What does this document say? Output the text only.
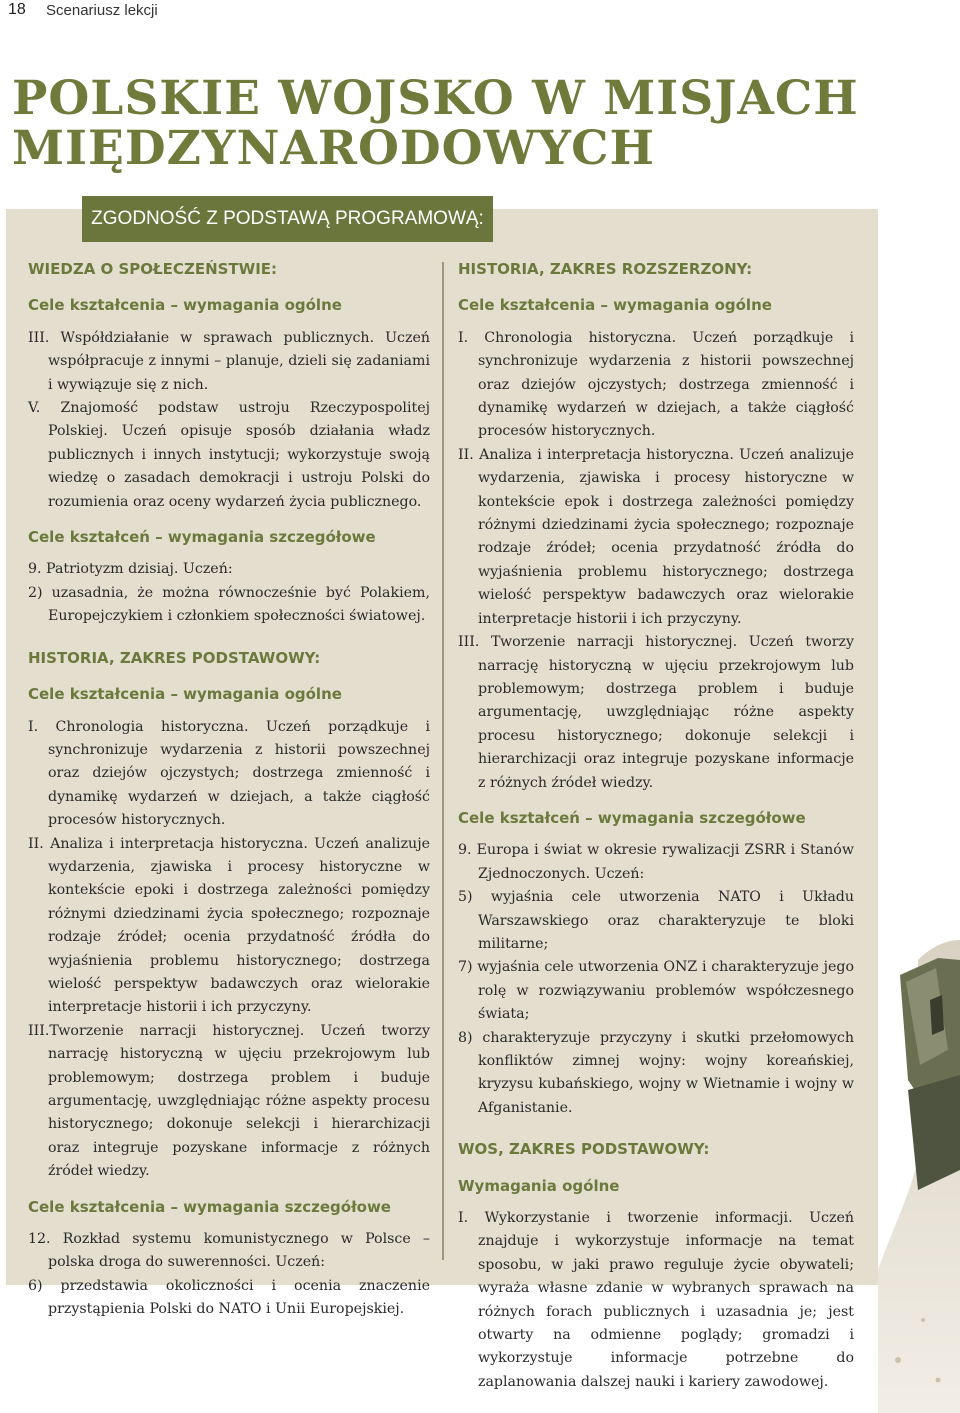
18 Scenariusz lekcji
POLSKIE WOJSKO W MISJACH
MIĘDZYNARODOWYCH
ZGODNOŚĆ Z PODSTAWĄ PROGRAMOWĄ:

WIEDZA O SPOŁECZEŃSTWIE:

Cele kształcenia – wymagania ogólne

III. Współdziałanie w sprawach publicznych. Uczeń współpracuje z innymi – planuje, dzieli się zadaniami i wywiązuje się z nich.

V. Znajomość podstaw ustroju Rzeczypospolitej Polskiej. Uczeń opisuje sposób działania władz publicznych i innych instytucji; wykorzystuje swoją wiedzę o zasadach demokracji i ustroju Polski do rozumienia oraz oceny wydarzeń życia publicznego.

Cele kształceń – wymagania szczegółowe

9. Patriotyzm dzisiaj. Uczeń:

2) uzasadnia, że można równocześnie być Polakiem, Europejczykiem i członkiem społeczności światowej.

HISTORIA, ZAKRES PODSTAWOWY:

Cele kształcenia – wymagania ogólne

I. Chronologia historyczna. Uczeń porządkuje i synchronizuje wydarzenia z historii powszechnej oraz dziejów ojczystych; dostrzega zmienność i dynamikę wydarzeń w dziejach, a także ciągłość procesów historycznych.

II. Analiza i interpretacja historyczna. Uczeń analizuje wydarzenia, zjawiska i procesy historyczne w kontekście epoki i dostrzega zależności pomiędzy różnymi dziedzinami życia społecznego; rozpoznaje rodzaje źródeł; ocenia przydatność źródła do wyjaśnienia problemu historycznego; dostrzega wielość perspektyw badawczych oraz wielorakie interpretacje historii i ich przyczyny.

III.Tworzenie narracji historycznej. Uczeń tworzy narrację historyczną w ujęciu przekrojowym lub problemowym; dostrzega problem i buduje argumentację, uwzględniając różne aspekty procesu historycznego; dokonuje selekcji i hierarchizacji oraz integruje pozyskane informacje z różnych źródeł wiedzy.

Cele kształcenia – wymagania szczegółowe

12. Rozkład systemu komunistycznego w Polsce – polska droga do suwerenności. Uczeń:

6) przedstawia okoliczności i ocenia znaczenie przystąpienia Polski do NATO i Unii Europejskiej.

HISTORIA, ZAKRES ROZSZERZONY:

Cele kształcenia – wymagania ogólne

I. Chronologia historyczna. Uczeń porządkuje i synchronizuje wydarzenia z historii powszechnej oraz dziejów ojczystych; dostrzega zmienność i dynamikę wydarzeń w dziejach, a także ciągłość procesów historycznych.

II. Analiza i interpretacja historyczna. Uczeń analizuje wydarzenia, zjawiska i procesy historyczne w kontekście epok i dostrzega zależności pomiędzy różnymi dziedzinami życia społecznego; rozpoznaje rodzaje źródeł; ocenia przydatność źródła do wyjaśnienia problemu historycznego; dostrzega wielość perspektyw badawczych oraz wielorakie interpretacje historii i ich przyczyny.

III. Tworzenie narracji historycznej. Uczeń tworzy narrację historyczną w ujęciu przekrojowym lub problemowym; dostrzega problem i buduje argumentację, uwzględniając różne aspekty procesu historycznego; dokonuje selekcji i hierarchizacji oraz integruje pozyskane informacje z różnych źródeł wiedzy.

Cele kształceń – wymagania szczegółowe

9. Europa i świat w okresie rywalizacji ZSRR i Stanów Zjednoczonych. Uczeń:

5) wyjaśnia cele utworzenia NATO i Układu Warszawskiego oraz charakteryzuje te bloki militarne;

7) wyjaśnia cele utworzenia ONZ i charakteryzuje jego rolę w rozwiązywaniu problemów współczesnego świata;

8) charakteryzuje przyczyny i skutki przełomowych konfliktów zimnej wojny: wojny koreańskiej, kryzysu kubańskiego, wojny w Wietnamie i wojny w Afganistanie.

WOS, ZAKRES PODSTAWOWY:

Wymagania ogólne

I. Wykorzystanie i tworzenie informacji. Uczeń znajduje i wykorzystuje informacje na temat sposobu, w jaki prawo reguluje życie obywateli; wyraża własne zdanie w wybranych sprawach na różnych forach publicznych i uzasadnia je; jest otwarty na odmienne poglądy; gromadzi i wykorzystuje informacje potrzebne do zaplanowania dalszej nauki i kariery zawodowej.
